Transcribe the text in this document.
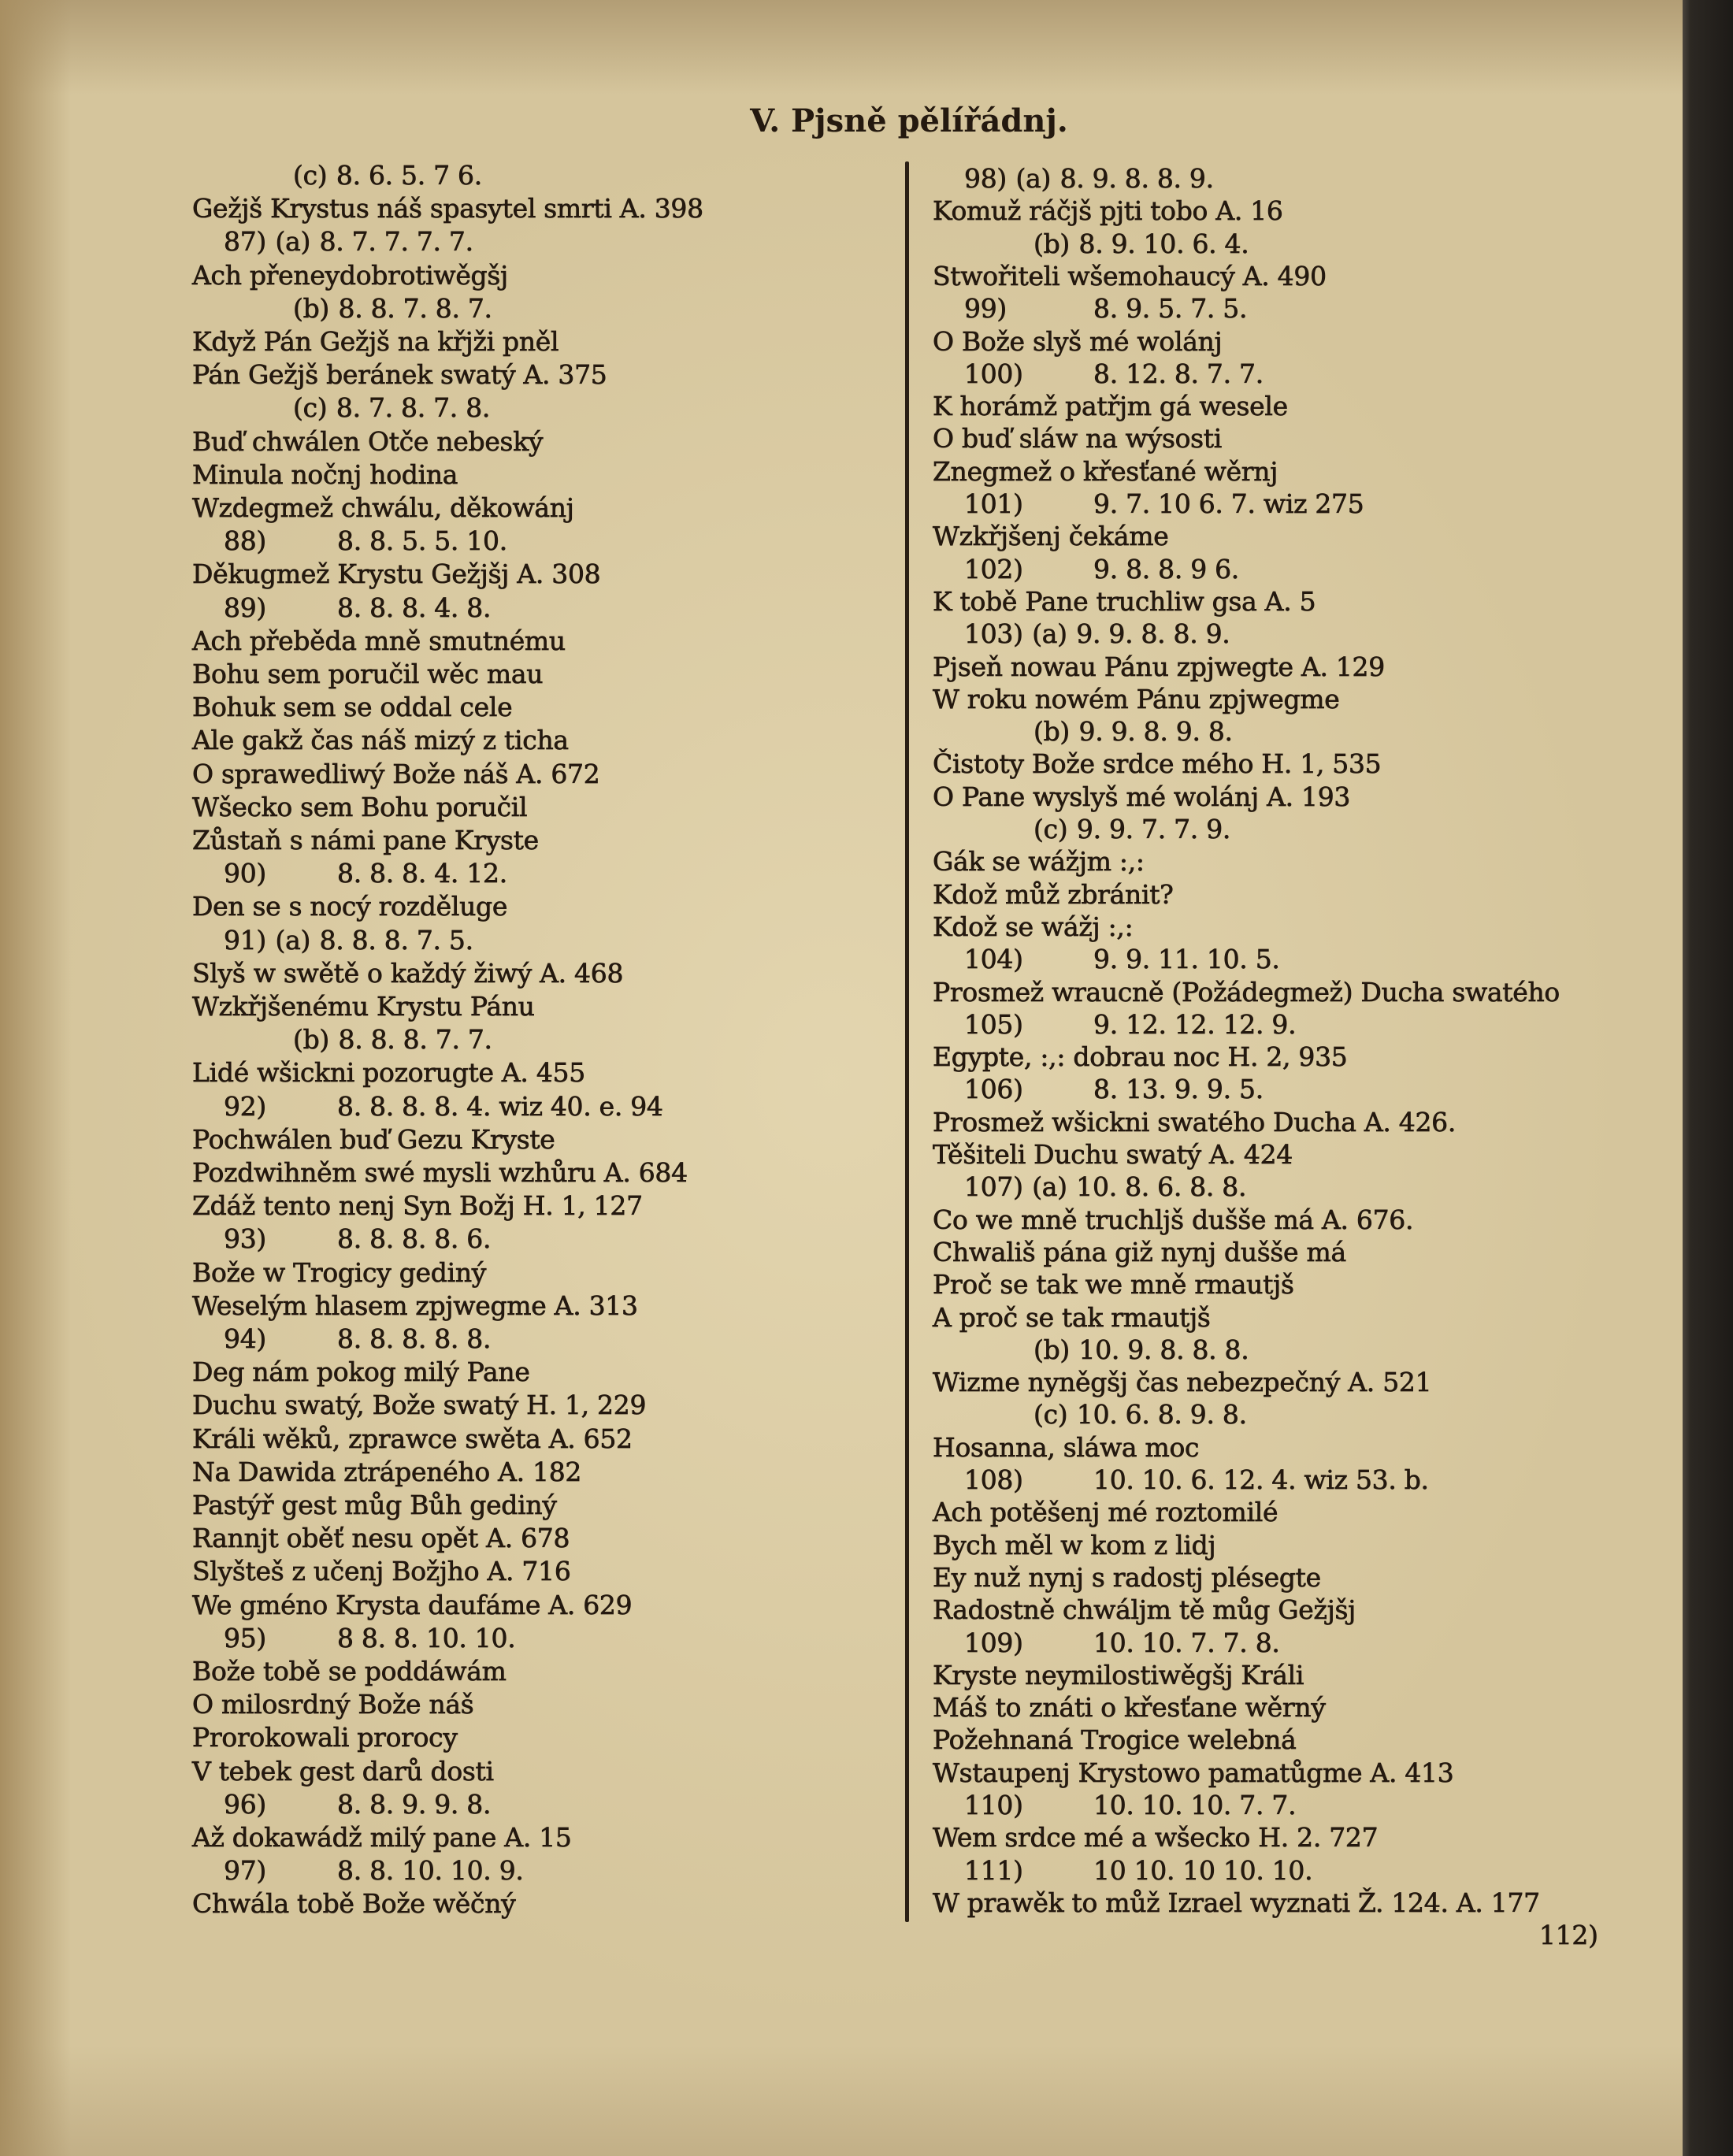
V. Pjsně pělířádnj.
(c) 8. 6. 5. 7 6.
Gežjš Krystus náš spasytel smrti A. 398
87) (a) 8. 7. 7. 7. 7.
Ach přeneydobrotiwěgšj
(b) 8. 8. 7. 8. 7.
Když Pán Gežjš na křjži pněl
Pán Gežjš beránek swatý A. 375
(c) 8. 7. 8. 7. 8.
Buď chwálen Otče nebeský
Minula nočnj hodina
Wzdegmež chwálu, děkowánj
88)	8. 8. 5. 5. 10.
Děkugmež Krystu Gežjšj A. 308
89)	8. 8. 8. 4. 8.
Ach přeběda mně smutnému
Bohu sem poručil wěc mau
Bohuk sem se oddal cele
Ale gakž čas náš mizý z ticha
O sprawedliwý Bože náš A. 672
Wšecko sem Bohu poručil
Zůstaň s námi pane Kryste
90)	8. 8. 8. 4. 12.
Den se s nocý rozděluge
91) (a) 8. 8. 8. 7. 5.
Slyš w swětě o každý žiwý A. 468
Wzkřjšenému Krystu Pánu
(b) 8. 8. 8. 7. 7.
Lidé wšickni pozorugte A. 455
92)	8. 8. 8. 8. 4. wiz 40. e. 94
Pochwálen buď Gezu Kryste
Pozdwihněm swé mysli wzhůru A. 684
Zdáž tento nenj Syn Božj H. 1, 127
93)	8. 8. 8. 8. 6.
Bože w Trogicy gediný
Weselým hlasem zpjwegme A. 313
94)	8. 8. 8. 8. 8.
Deg nám pokog milý Pane
Duchu swatý, Bože swatý H. 1, 229
Králi wěků, zprawce swěta A. 652
Na Dawida ztrápeného A. 182
Pastýř gest můg Bůh gediný
Rannjt oběť nesu opět A. 678
Slyšteš z učenj Božjho A. 716
We gméno Krysta daufáme A. 629
95)	8 8. 8. 10. 10.
Bože tobě se poddáwám
O milosrdný Bože náš
Prorokowali prorocy
V tebek gest darů dosti
96)	8. 8. 9. 9. 8.
Až dokawádž milý pane A. 15
97)	8. 8. 10. 10. 9.
Chwála tobě Bože wěčný
98) (a) 8. 9. 8. 8. 9.
Komuž ráčjš pjti tobo A. 16
(b) 8. 9. 10. 6. 4.
Stwořiteli wšemohaucý A. 490
99)	8. 9. 5. 7. 5.
O Bože slyš mé wolánj
100)	8. 12. 8. 7. 7.
K horámž patřjm gá wesele
O buď sláw na wýsosti
Znegmež o křesťané wěrnj
101)	9. 7. 10 6. 7. wiz 275
Wzkřjšenj čekáme
102)	9. 8. 8. 9 6.
K tobě Pane truchliw gsa A. 5
103) (a) 9. 9. 8. 8. 9.
Pjseň nowau Pánu zpjwegte A. 129
W roku nowém Pánu zpjwegme
(b) 9. 9. 8. 9. 8.
Čistoty Bože srdce mého H. 1, 535
O Pane wyslyš mé wolánj A. 193
(c) 9. 9. 7. 7. 9.
Gák se wážjm :,:
Kdož můž zbránit?
Kdož se wážj :,:
104)	9. 9. 11. 10. 5.
Prosmež wraucně (Požádegmež) Ducha swatého
105)	9. 12. 12. 12. 9.
Egypte, :,: dobrau noc H. 2, 935
106)	8. 13. 9. 9. 5.
Prosmež wšickni swatého Ducha A. 426.
Těšiteli Duchu swatý A. 424
107) (a) 10. 8. 6. 8. 8.
Co we mně truchljš dušše má A. 676.
Chwališ pána giž nynj dušše má
Proč se tak we mně rmautjš
A proč se tak rmautjš
(b) 10. 9. 8. 8. 8.
Wizme nyněgšj čas nebezpečný A. 521
(c) 10. 6. 8. 9. 8.
Hosanna, sláwa moc
108)	10. 10. 6. 12. 4. wiz 53. b.
Ach potěšenj mé roztomilé
Bych měl w kom z lidj
Ey nuž nynj s radostj plésegte
Radostně chwáljm tě můg Gežjšj
109)	10. 10. 7. 7. 8.
Kryste neymilostiwěgšj Králi
Máš to znáti o křesťane wěrný
Požehnaná Trogice welebná
Wstaupenj Krystowo pamatůgme A. 413
110)	10. 10. 10. 7. 7.
Wem srdce mé a wšecko H. 2. 727
111)	10 10. 10 10. 10.
W prawěk to můž Izrael wyznati Ž. 124. A. 177
112)
